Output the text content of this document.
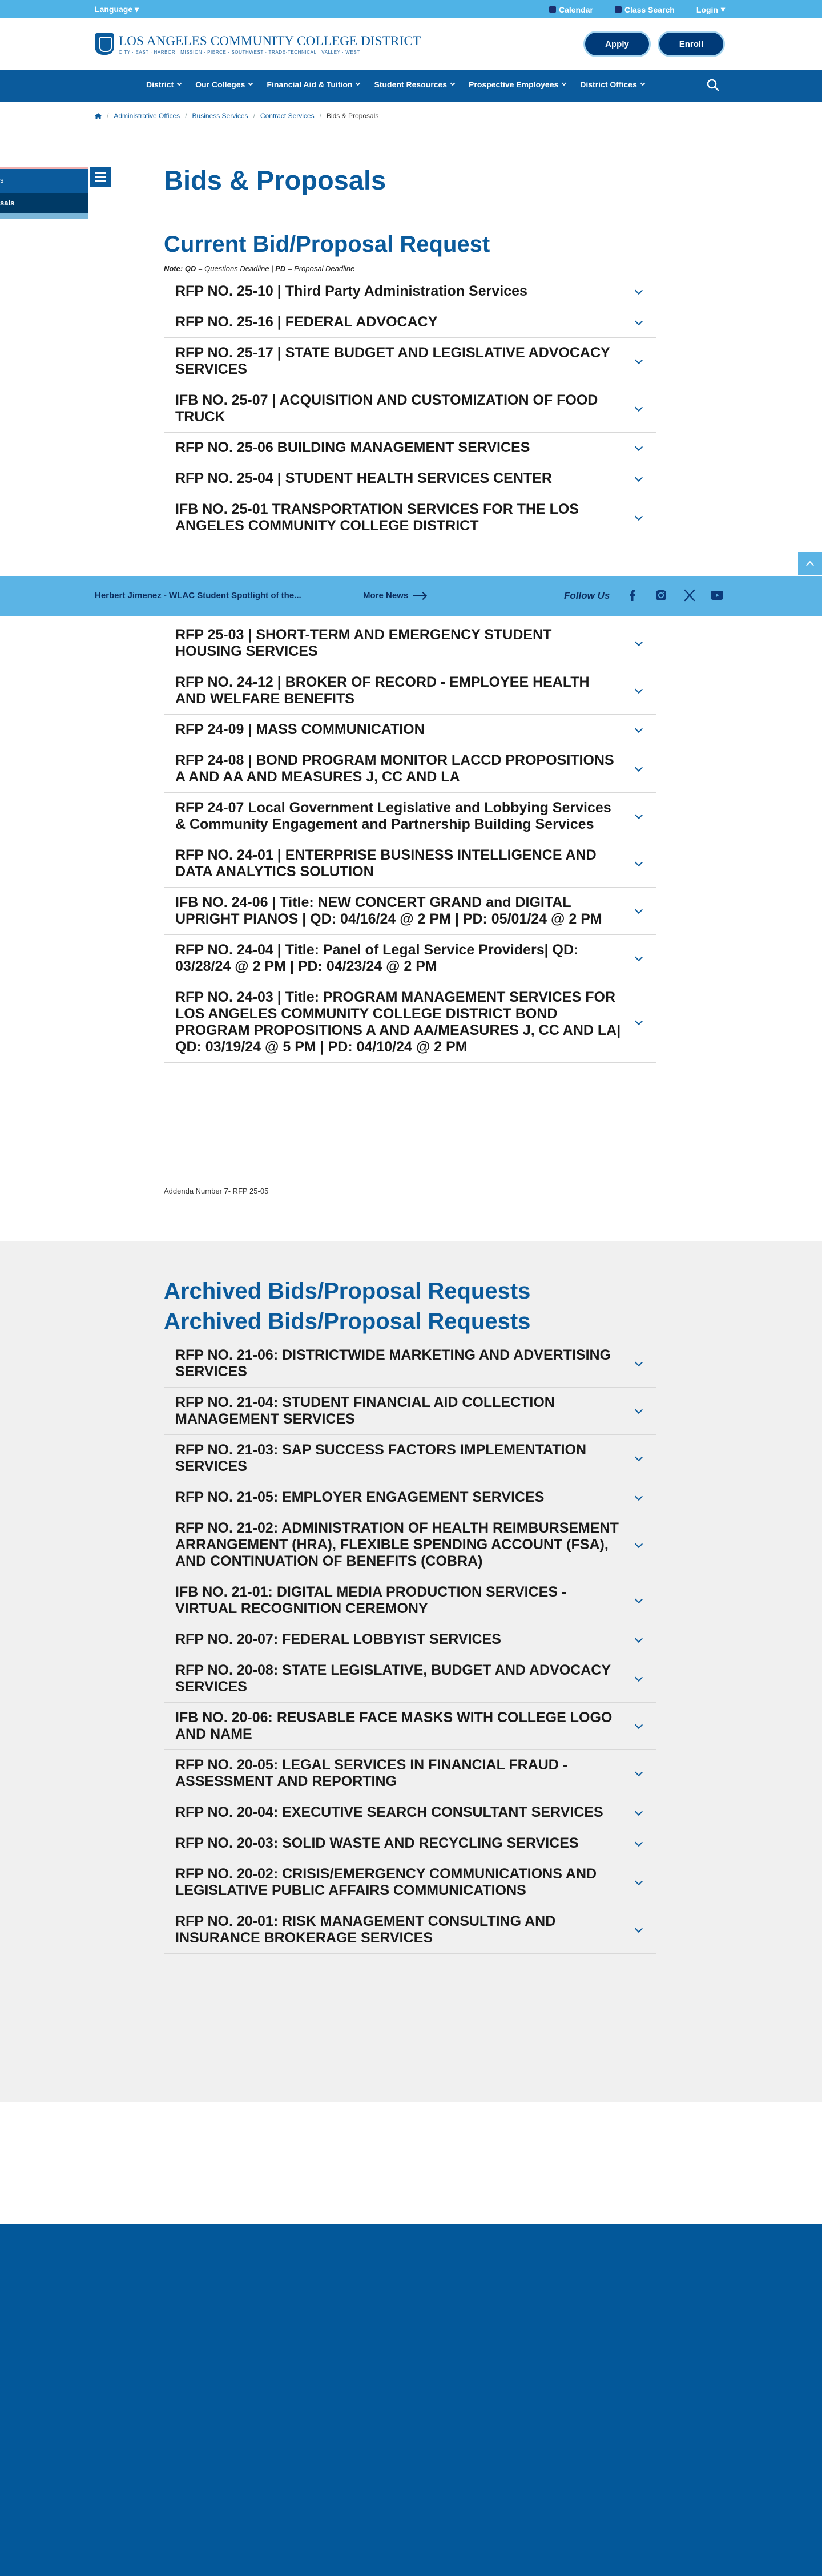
Language ▾	Calendar	Class Search	Login ▾
LOS ANGELES COMMUNITY COLLEGE DISTRICT
CITY · EAST · HARBOR · MISSION · PIERCE · SOUTHWEST · TRADE-TECHNICAL · VALLEY · WEST
Apply	Enroll
District	Our Colleges	Financial Aid & Tuition	Student Resources	Prospective Employees	District Offices
/ Administrative Offices / Business Services / Contract Services / Bids & Proposals
s
sals
Bids & Proposals
Current Bid/Proposal Request
Note: QD = Questions Deadline | PD = Proposal Deadline
RFP NO. 25-10 | Third Party Administration Services
RFP NO. 25-16 | FEDERAL ADVOCACY
RFP NO. 25-17 | STATE BUDGET AND LEGISLATIVE ADVOCACY SERVICES
IFB NO. 25-07 | ACQUISITION AND CUSTOMIZATION OF FOOD TRUCK
RFP NO. 25-06 BUILDING MANAGEMENT SERVICES
RFP NO. 25-04 | STUDENT HEALTH SERVICES CENTER
IFB NO. 25-01 TRANSPORTATION SERVICES FOR THE LOS ANGELES COMMUNITY COLLEGE DISTRICT
Herbert Jimenez - WLAC Student Spotlight of the...	More News	Follow Us
RFP 25-03 | SHORT-TERM AND EMERGENCY STUDENT HOUSING SERVICES
RFP NO. 24-12 | BROKER OF RECORD - EMPLOYEE HEALTH AND WELFARE BENEFITS
RFP 24-09 | MASS COMMUNICATION
RFP 24-08 | BOND PROGRAM MONITOR LACCD PROPOSITIONS A AND AA AND MEASURES J, CC AND LA
RFP 24-07 Local Government Legislative and Lobbying Services & Community Engagement and Partnership Building Services
RFP NO. 24-01 | ENTERPRISE BUSINESS INTELLIGENCE AND DATA ANALYTICS SOLUTION
IFB NO. 24-06 | Title: NEW CONCERT GRAND and DIGITAL UPRIGHT PIANOS | QD: 04/16/24 @ 2 PM | PD: 05/01/24 @ 2 PM
RFP NO. 24-04 | Title: Panel of Legal Service Providers| QD: 03/28/24 @ 2 PM | PD: 04/23/24 @ 2 PM
RFP NO. 24-03 | Title: PROGRAM MANAGEMENT SERVICES FOR LOS ANGELES COMMUNITY COLLEGE DISTRICT BOND PROGRAM PROPOSITIONS A AND AA/MEASURES J, CC AND LA| QD: 03/19/24 @ 5 PM | PD: 04/10/24 @ 2 PM
Addenda Number 7- RFP 25-05
Archived Bids/Proposal Requests
Archived Bids/Proposal Requests
RFP NO. 21-06: DISTRICTWIDE MARKETING AND ADVERTISING SERVICES
RFP NO. 21-04: STUDENT FINANCIAL AID COLLECTION MANAGEMENT SERVICES
RFP NO. 21-03: SAP SUCCESS FACTORS IMPLEMENTATION SERVICES
RFP NO. 21-05: EMPLOYER ENGAGEMENT SERVICES
RFP NO. 21-02: ADMINISTRATION OF HEALTH REIMBURSEMENT ARRANGEMENT (HRA), FLEXIBLE SPENDING ACCOUNT (FSA), AND CONTINUATION OF BENEFITS (COBRA)
IFB NO. 21-01: DIGITAL MEDIA PRODUCTION SERVICES - VIRTUAL RECOGNITION CEREMONY
RFP NO. 20-07: FEDERAL LOBBYIST SERVICES
RFP NO. 20-08: STATE LEGISLATIVE, BUDGET AND ADVOCACY SERVICES
IFB NO. 20-06: REUSABLE FACE MASKS WITH COLLEGE LOGO AND NAME
RFP NO. 20-05: LEGAL SERVICES IN FINANCIAL FRAUD - ASSESSMENT AND REPORTING
RFP NO. 20-04: EXECUTIVE SEARCH CONSULTANT SERVICES
RFP NO. 20-03: SOLID WASTE AND RECYCLING SERVICES
RFP NO. 20-02: CRISIS/EMERGENCY COMMUNICATIONS AND LEGISLATIVE PUBLIC AFFAIRS COMMUNICATIONS
RFP NO. 20-01: RISK MANAGEMENT CONSULTING AND INSURANCE BROKERAGE SERVICES
